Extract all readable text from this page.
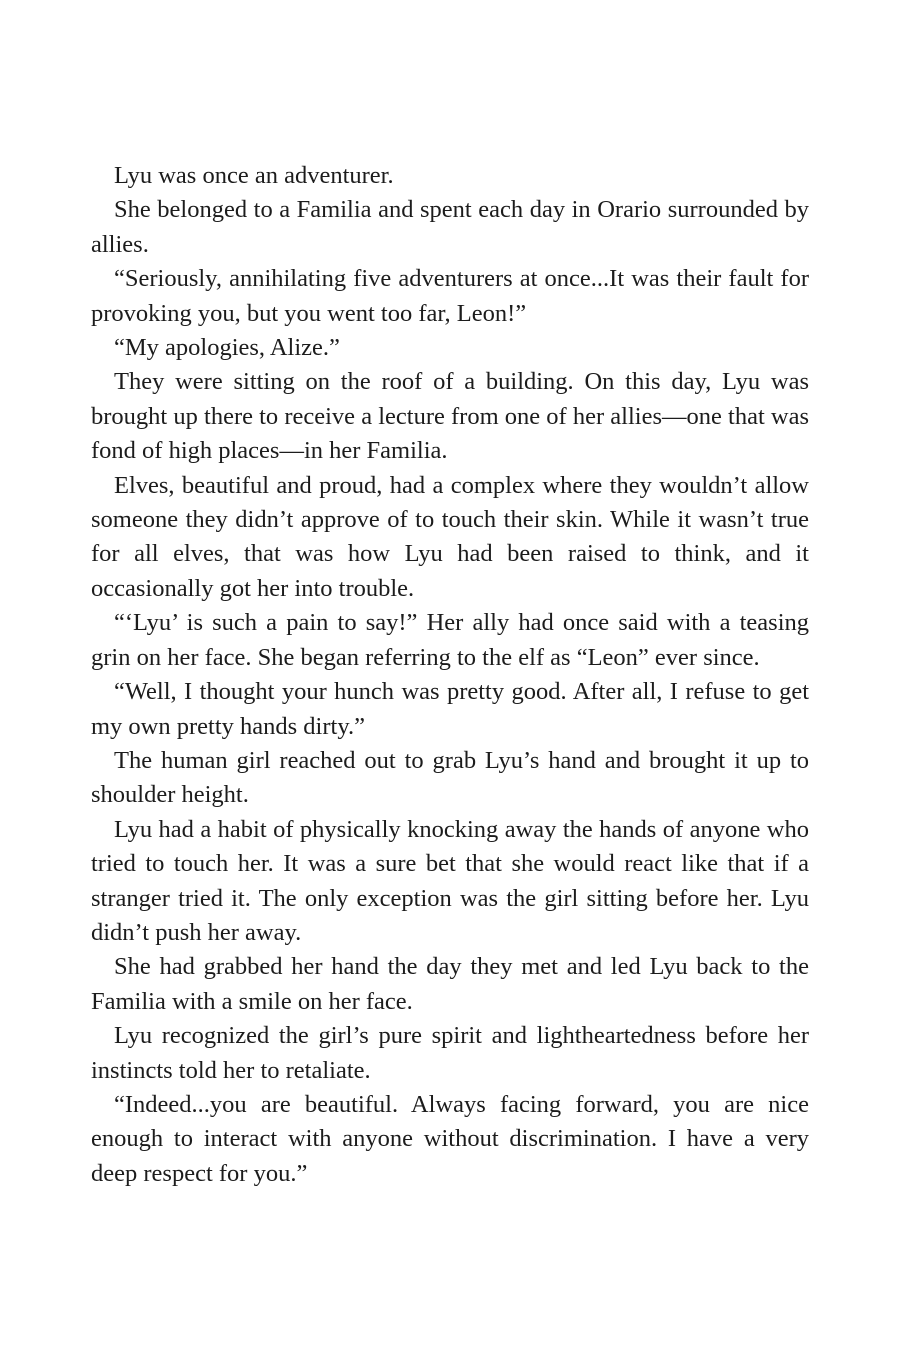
Lyu was once an adventurer.

She belonged to a Familia and spent each day in Orario surrounded by allies.

“Seriously, annihilating five adventurers at once...It was their fault for provoking you, but you went too far, Leon!”

“My apologies, Alize.”

They were sitting on the roof of a building. On this day, Lyu was brought up there to receive a lecture from one of her allies—one that was fond of high places—in her Familia.

Elves, beautiful and proud, had a complex where they wouldn’t allow someone they didn’t approve of to touch their skin. While it wasn’t true for all elves, that was how Lyu had been raised to think, and it occasionally got her into trouble.

“‘Lyu’ is such a pain to say!” Her ally had once said with a teasing grin on her face. She began referring to the elf as “Leon” ever since.

“Well, I thought your hunch was pretty good. After all, I refuse to get my own pretty hands dirty.”

The human girl reached out to grab Lyu’s hand and brought it up to shoulder height.

Lyu had a habit of physically knocking away the hands of anyone who tried to touch her. It was a sure bet that she would react like that if a stranger tried it. The only exception was the girl sitting before her. Lyu didn’t push her away.

She had grabbed her hand the day they met and led Lyu back to the Familia with a smile on her face.

Lyu recognized the girl’s pure spirit and lightheartedness before her instincts told her to retaliate.

“Indeed...you are beautiful. Always facing forward, you are nice enough to interact with anyone without discrimination. I have a very deep respect for you.”
